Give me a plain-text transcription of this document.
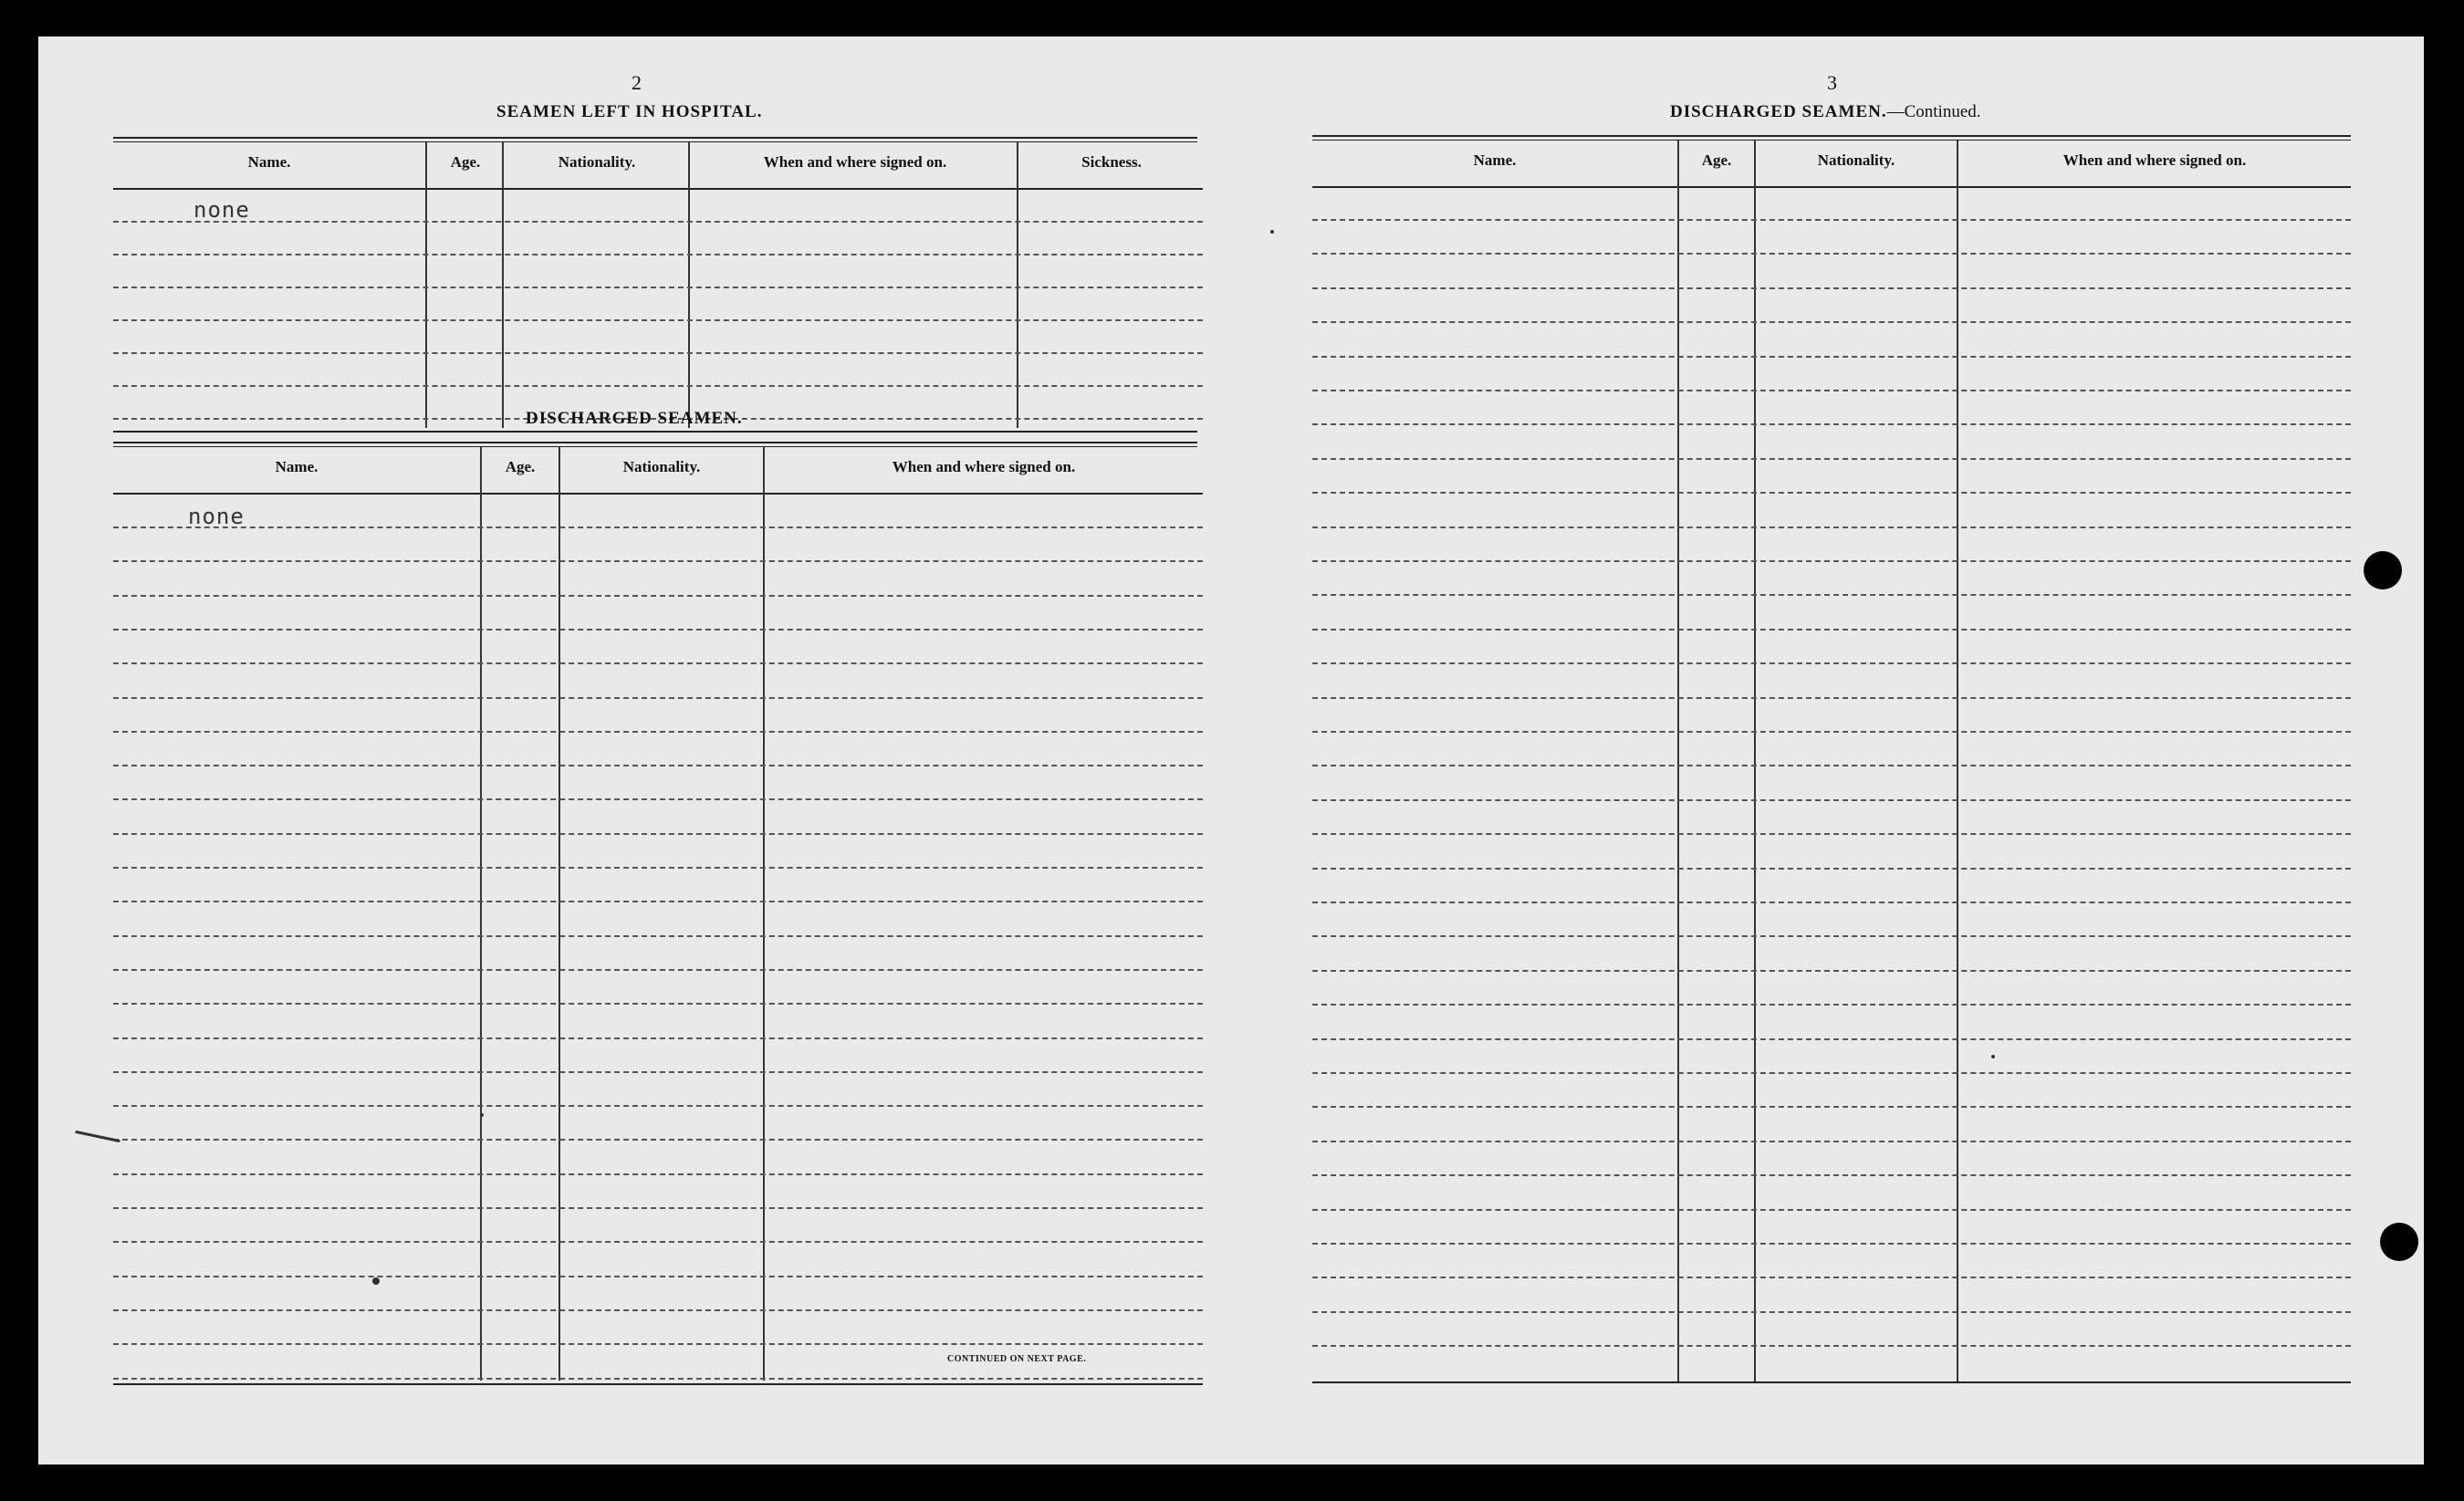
2
SEAMEN LEFT IN HOSPITAL.
Name.	Age.	Nationality.	When and where signed on.	Sickness.
none
DISCHARGED SEAMEN.
Name.	Age.	Nationality.	When and where signed on.
none
CONTINUED ON NEXT PAGE.
3
DISCHARGED SEAMEN.—Continued.
Name.	Age.	Nationality.	When and where signed on.
